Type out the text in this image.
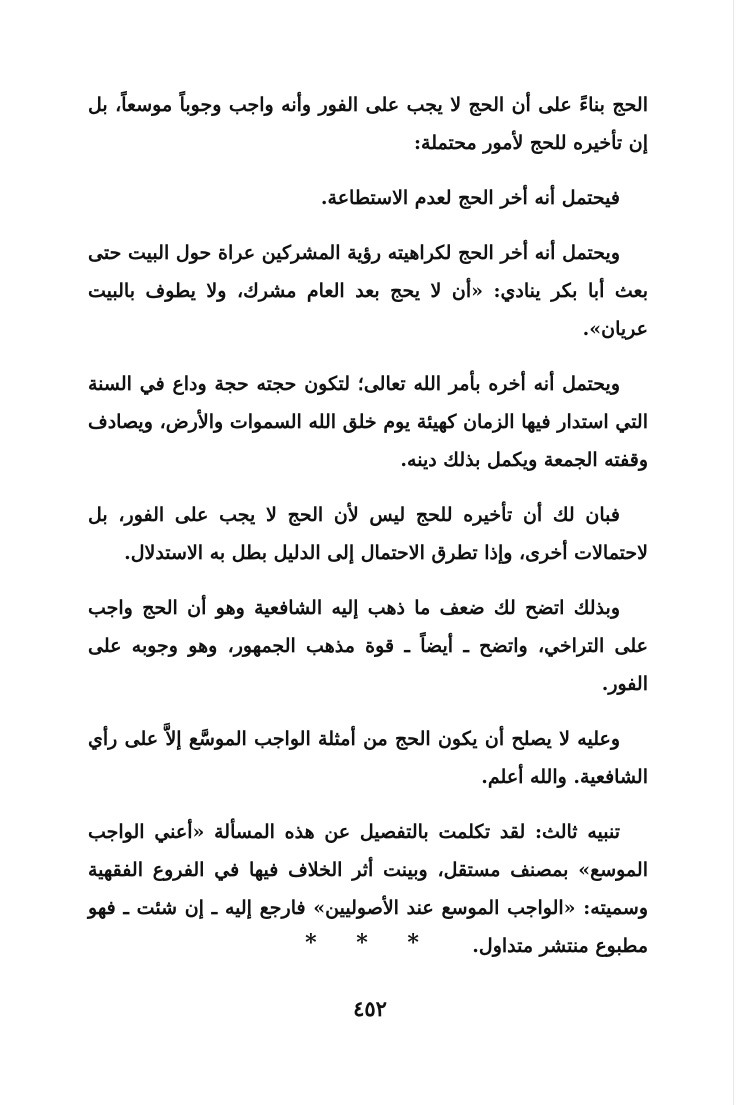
الحج بناءً على أن الحج لا يجب على الفور وأنه واجب وجوباً موسعاً، بل إن تأخيره للحج لأمور محتملة:

فيحتمل أنه أخر الحج لعدم الاستطاعة.

ويحتمل أنه أخر الحج لكراهيته رؤية المشركين عراة حول البيت حتى بعث أبا بكر ينادي: «أن لا يحج بعد العام مشرك، ولا يطوف بالبيت عريان».

ويحتمل أنه أخره بأمر الله تعالى؛ لتكون حجته حجة وداع في السنة التي استدار فيها الزمان كهيئة يوم خلق الله السموات والأرض، ويصادف وقفته الجمعة ويكمل بذلك دينه.

فبان لك أن تأخيره للحج ليس لأن الحج لا يجب على الفور، بل لاحتمالات أخرى، وإذا تطرق الاحتمال إلى الدليل بطل به الاستدلال.

وبذلك اتضح لك ضعف ما ذهب إليه الشافعية وهو أن الحج واجب على التراخي، واتضح ـ أيضاً ـ قوة مذهب الجمهور، وهو وجوبه على الفور.

وعليه لا يصلح أن يكون الحج من أمثلة الواجب الموسَّع إلاَّ على رأي الشافعية. والله أعلم.

تنبيه ثالث: لقد تكلمت بالتفصيل عن هذه المسألة «أعني الواجب الموسع» بمصنف مستقل، وبينت أثر الخلاف فيها في الفروع الفقهية وسميته: «الواجب الموسع عند الأصوليين» فارجع إليه ـ إن شئت ـ فهو مطبوع منتشر متداول.

* * *
٤٥٢
